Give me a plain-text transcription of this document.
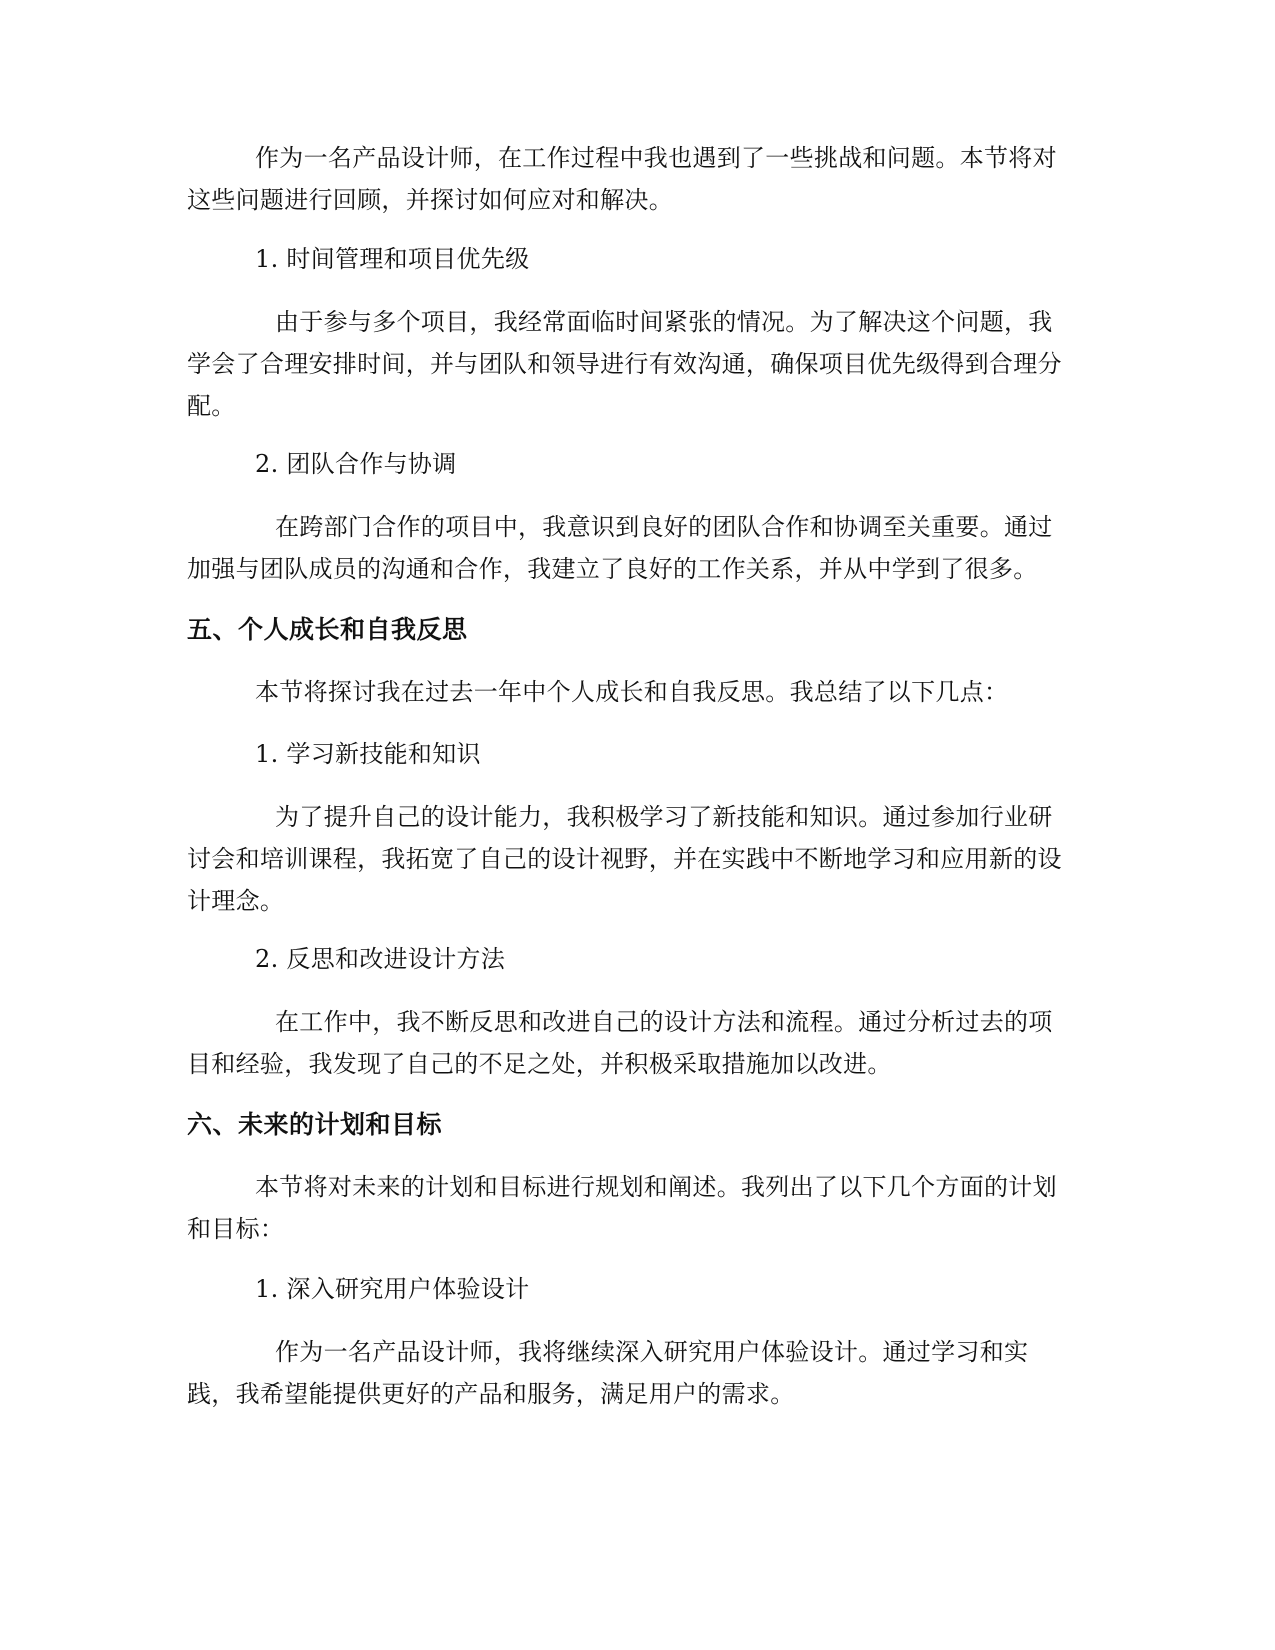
作为一名产品设计师，在工作过程中我也遇到了一些挑战和问题。本节将对
这些问题进行回顾，并探讨如何应对和解决。

1. 时间管理和项目优先级

由于参与多个项目，我经常面临时间紧张的情况。为了解决这个问题，我
学会了合理安排时间，并与团队和领导进行有效沟通，确保项目优先级得到合理分
配。

2. 团队合作与协调

在跨部门合作的项目中，我意识到良好的团队合作和协调至关重要。通过
加强与团队成员的沟通和合作，我建立了良好的工作关系，并从中学到了很多。

五、个人成长和自我反思

本节将探讨我在过去一年中个人成长和自我反思。我总结了以下几点：

1. 学习新技能和知识

为了提升自己的设计能力，我积极学习了新技能和知识。通过参加行业研
讨会和培训课程，我拓宽了自己的设计视野，并在实践中不断地学习和应用新的设
计理念。

2. 反思和改进设计方法

在工作中，我不断反思和改进自己的设计方法和流程。通过分析过去的项
目和经验，我发现了自己的不足之处，并积极采取措施加以改进。

六、未来的计划和目标

本节将对未来的计划和目标进行规划和阐述。我列出了以下几个方面的计划
和目标：

1. 深入研究用户体验设计

作为一名产品设计师，我将继续深入研究用户体验设计。通过学习和实
践，我希望能提供更好的产品和服务，满足用户的需求。
